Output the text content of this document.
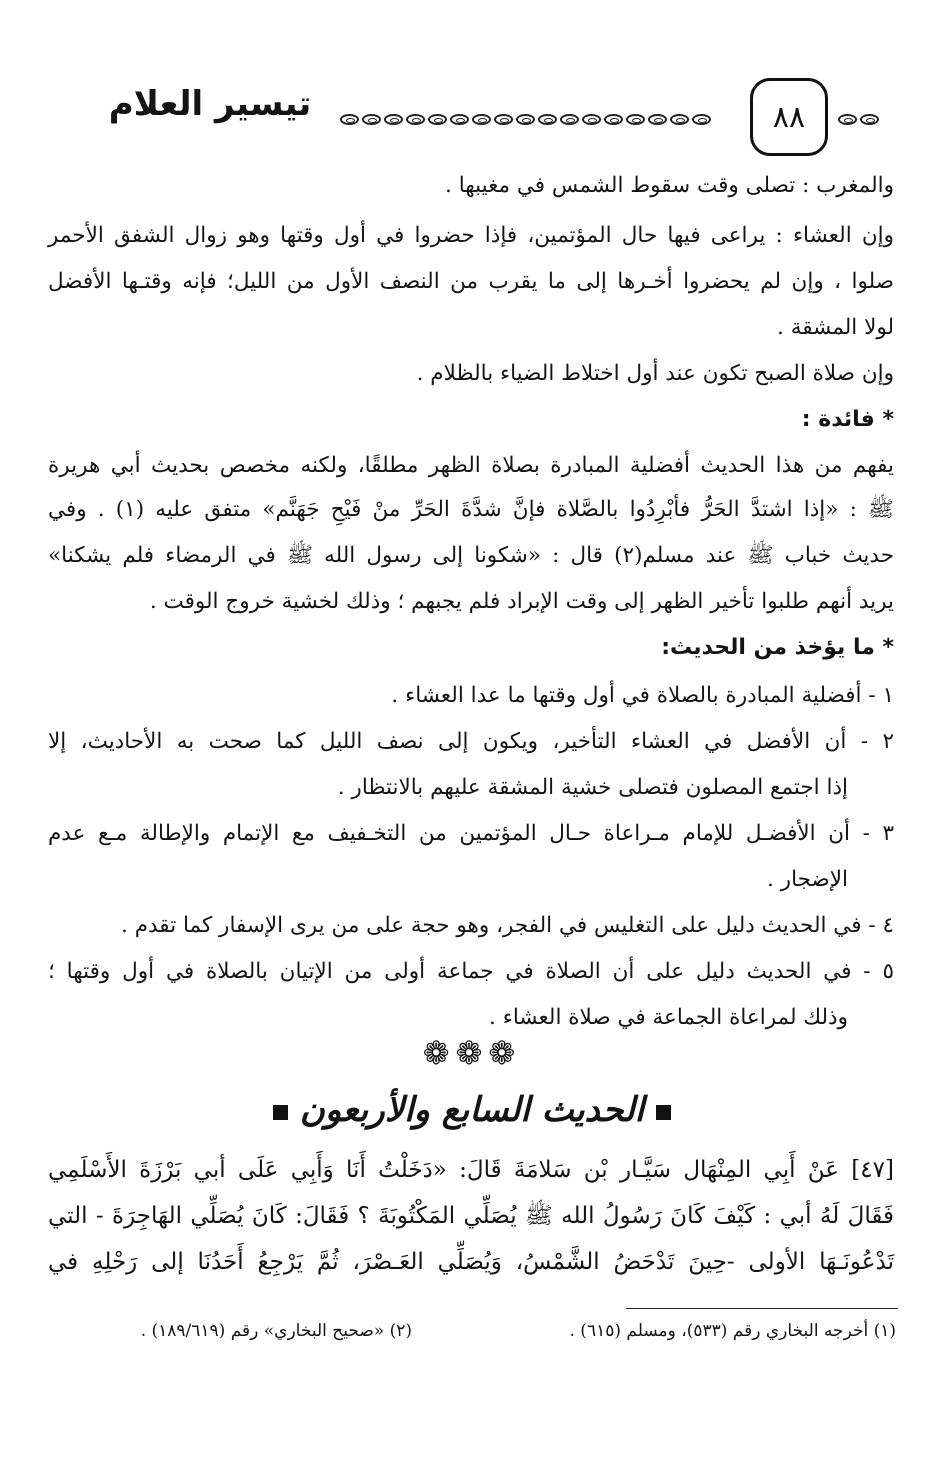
تيسير العلام	٨٨
والمغرب : تصلى وقت سقوط الشمس في مغيبها .
وإن العشاء : يراعى فيها حال المؤتمين، فإذا حضروا في أول وقتها وهو زوال الشفق الأحمر
صلوا ، وإن لم يحضروا أخـرها إلى ما يقرب من النصف الأول من الليل؛ فإنه وقتـها الأفضل
لولا المشقة .
وإن صلاة الصبح تكون عند أول اختلاط الضياء بالظلام .
* فائدة :
يفهم من هذا الحديث أفضلية المبادرة بصلاة الظهر مطلقًا، ولكنه مخصص بحديث أبي هريرة
ﷺ : «إذا اشتدَّ الحَرُّ فأبْرِدُوا بالصَّلاة فإنَّ شدَّةَ الحَرِّ منْ فَيْحِ جَهَنَّم» متفق عليه (١) . وفي
حديث خباب ﷺ عند مسلم(٢) قال : «شكونا إلى رسول الله ﷺ في الرمضاء فلم يشكنا»
يريد أنهم طلبوا تأخير الظهر إلى وقت الإبراد فلم يجبهم ؛ وذلك لخشية خروج الوقت .
* ما يؤخذ من الحديث:
١ - أفضلية المبادرة بالصلاة في أول وقتها ما عدا العشاء .
٢ - أن الأفضل في العشاء التأخير، ويكون إلى نصف الليل كما صحت به الأحاديث، إلا
إذا اجتمع المصلون فتصلى خشية المشقة عليهم بالانتظار .
٣ - أن الأفضـل للإمام مـراعاة حـال المؤتمين من التخـفيف مع الإتمام والإطالة مـع عدم
الإضجار .
٤ - في الحديث دليل على التغليس في الفجر، وهو حجة على من يرى الإسفار كما تقدم .
٥ - في الحديث دليل على أن الصلاة في جماعة أولى من الإتيان بالصلاة في أول وقتها ؛
وذلك لمراعاة الجماعة في صلاة العشاء .
❁❁❁
الحديث السابع والأربعون
[٤٧] عَنْ أَبِي المِنْهَال سَيَّـار بْن سَلامَةَ قَالَ: «دَخَلْتُ أَنَا وَأَبِي عَلَى أبي بَرْزَةَ الأَسْلَمِي
فَقَالَ لَهُ أبي : كَيْفَ كَانَ رَسُولُ الله ﷺ يُصَلِّي المَكْتُوبَةَ ؟ فَقَالَ: كَانَ يُصَلِّي الهَاجِرَةَ - التي
تَدْعُونَـهَا الأولى -حِينَ تَدْحَضُ الشَّمْسُ، وَيُصَلِّي العَـصْرَ، ثُمَّ يَرْجِعُ أَحَدُنَا إلى رَحْلِهِ في
(١) أخرجه البخاري رقم (٥٣٣)، ومسلم (٦١٥) .
(٢) «صحيح البخاري» رقم (١٨٩/٦١٩) .
